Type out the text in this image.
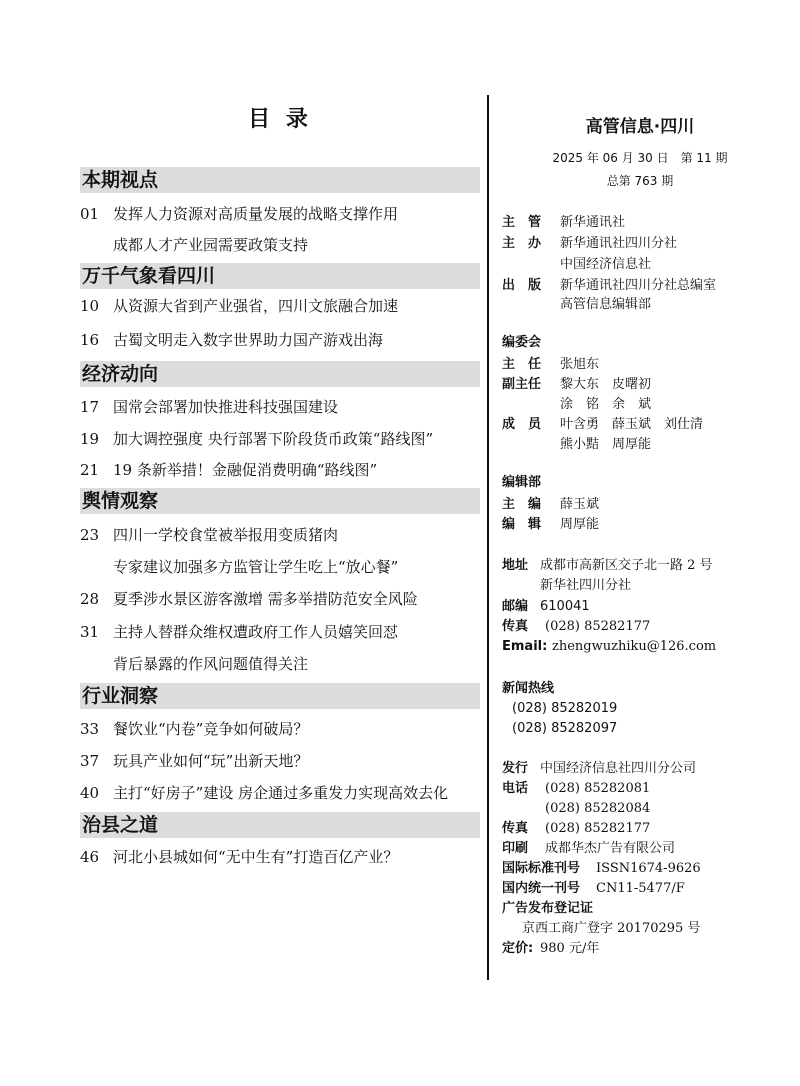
目 录
本期视点
01 发挥人力资源对高质量发展的战略支撑作用
成都人才产业园需要政策支持
万千气象看四川
10 从资源大省到产业强省，四川文旅融合加速
16 古蜀文明走入数字世界助力国产游戏出海
经济动向
17 国常会部署加快推进科技强国建设
19 加大调控强度 央行部署下阶段货币政策“路线图”
21 19 条新举措！金融促消费明确“路线图”
舆情观察
23 四川一学校食堂被举报用变质猪肉
专家建议加强多方监管让学生吃上“放心餐”
28 夏季涉水景区游客激增 需多举措防范安全风险
31 主持人替群众维权遭政府工作人员嬉笑回怼
背后暴露的作风问题值得关注
行业洞察
33 餐饮业“内卷”竞争如何破局？
37 玩具产业如何“玩”出新天地？
40 主打“好房子”建设 房企通过多重发力实现高效去化
治县之道
46 河北小县城如何“无中生有”打造百亿产业？
高管信息·四川
2025 年 06 月 30 日　第 11 期
总第 763 期
主　管 新华通讯社
主　办 新华通讯社四川分社
中国经济信息社
出　版 新华通讯社四川分社总编室
高管信息编辑部
编委会
主　任 张旭东
副主任 黎大东　皮曙初
涂　铭　余　斌
成　员 叶含勇　薛玉斌　刘仕清
熊小黠　周厚能
编辑部
主　编 薛玉斌
编　辑 周厚能
地址 成都市高新区交子北一路 2 号
新华社四川分社
邮编 610041
传真 (028) 85282177
Email: zhengwuzhiku@126.com
新闻热线
(028) 85282019
(028) 85282097
发行 中国经济信息社四川分公司
电话 (028) 85282081
(028) 85282084
传真 (028) 85282177
印刷 成都华杰广告有限公司
国际标准刊号 ISSN1674-9626
国内统一刊号 CN11-5477/F
广告发布登记证
京西工商广登字 20170295 号
定价: 980 元/年
